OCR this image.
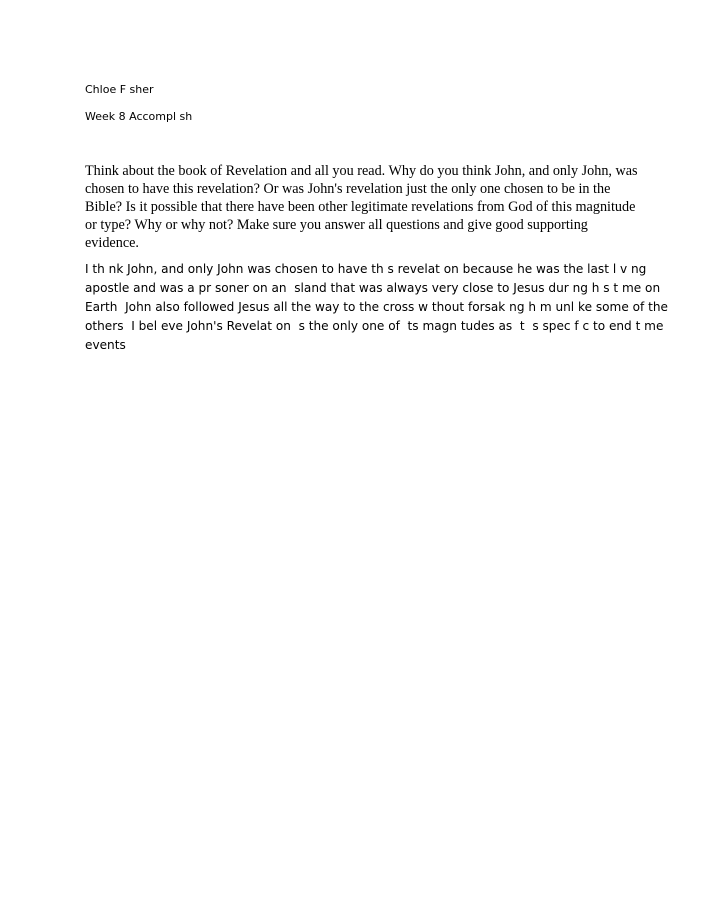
Chloe F sher
Week 8 Accompl sh

Think about the book of Revelation and all you read. Why do you think John, and only John, was chosen to have this revelation? Or was John's revelation just the only one chosen to be in the Bible? Is it possible that there have been other legitimate revelations from God of this magnitude or type? Why or why not? Make sure you answer all questions and give good supporting evidence.

I th nk John, and only John was chosen to have th s revelat on because he was the last l v ng
apostle and was a pr soner on an  sland that was always very close to Jesus dur ng h s t me on
Earth  John also followed Jesus all the way to the cross w thout forsak ng h m unl ke some of the
others  I bel eve John's Revelat on  s the only one of  ts magn tudes as  t  s spec f c to end t me
events
